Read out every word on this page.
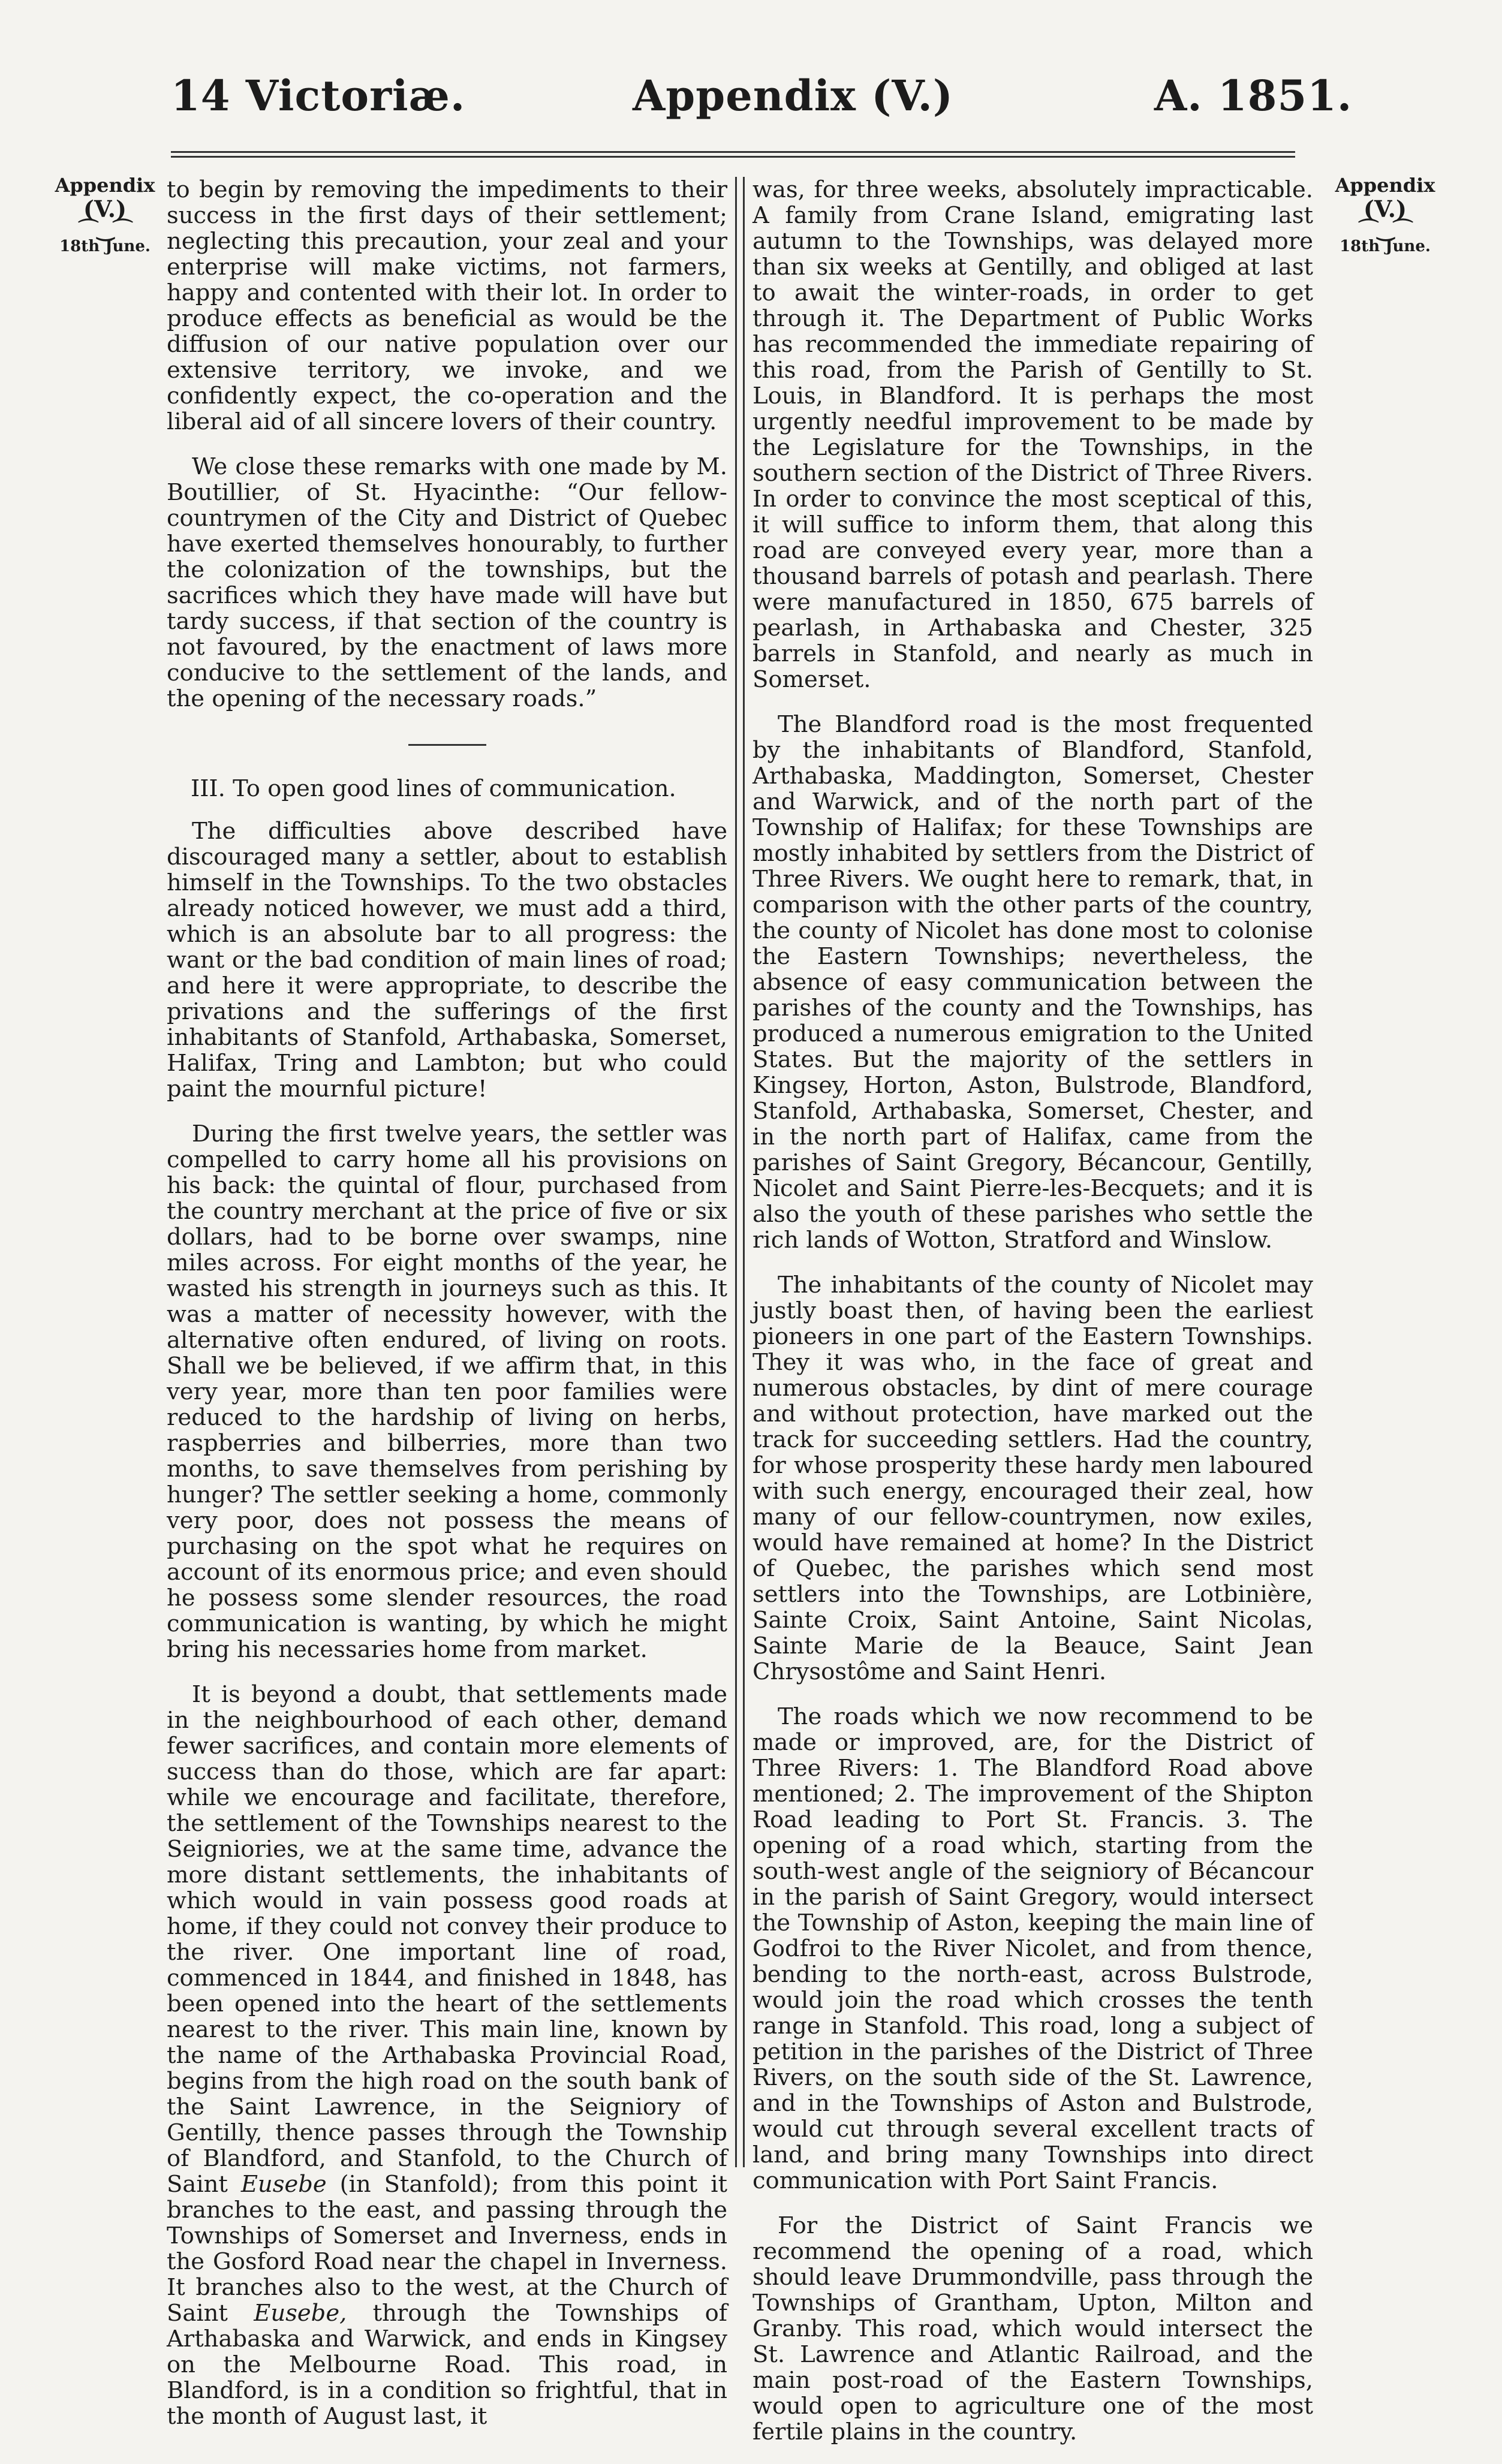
14 Victoriæ.	Appendix (V.)	A. 1851.
Appendix
(V.)
⌒‿⌒
18th June.
Appendix
(V.)
⌒‿⌒
18th June.

to begin by removing the impediments to their success in the first days of their settlement; neglecting this precaution, your zeal and your enterprise will make victims, not farmers, happy and contented with their lot. In order to produce effects as beneficial as would be the diffusion of our native population over our extensive territory, we invoke, and we confidently expect, the co-operation and the liberal aid of all sincere lovers of their country.

We close these remarks with one made by M. Boutillier, of St. Hyacinthe: “Our fellow-countrymen of the City and District of Quebec have exerted themselves honourably, to further the colonization of the townships, but the sacrifices which they have made will have but tardy success, if that section of the country is not favoured, by the enactment of laws more conducive to the settlement of the lands, and the opening of the necessary roads.”

III. To open good lines of communication.

The difficulties above described have discouraged many a settler, about to establish himself in the Townships. To the two obstacles already noticed however, we must add a third, which is an absolute bar to all progress: the want or the bad condition of main lines of road; and here it were appropriate, to describe the privations and the sufferings of the first inhabitants of Stanfold, Arthabaska, Somerset, Halifax, Tring and Lambton; but who could paint the mournful picture!

During the first twelve years, the settler was compelled to carry home all his provisions on his back: the quintal of flour, purchased from the country merchant at the price of five or six dollars, had to be borne over swamps, nine miles across. For eight months of the year, he wasted his strength in journeys such as this. It was a matter of necessity however, with the alternative often endured, of living on roots. Shall we be believed, if we affirm that, in this very year, more than ten poor families were reduced to the hardship of living on herbs, raspberries and bilberries, more than two months, to save themselves from perishing by hunger? The settler seeking a home, commonly very poor, does not possess the means of purchasing on the spot what he requires on account of its enormous price; and even should he possess some slender resources, the road communication is wanting, by which he might bring his necessaries home from market.

It is beyond a doubt, that settlements made in the neighbourhood of each other, demand fewer sacrifices, and contain more elements of success than do those, which are far apart: while we encourage and facilitate, therefore, the settlement of the Townships nearest to the Seigniories, we at the same time, advance the more distant settlements, the inhabitants of which would in vain possess good roads at home, if they could not convey their produce to the river. One important line of road, commenced in 1844, and finished in 1848, has been opened into the heart of the settlements nearest to the river. This main line, known by the name of the Arthabaska Provincial Road, begins from the high road on the south bank of the Saint Lawrence, in the Seigniory of Gentilly, thence passes through the Township of Blandford, and Stanfold, to the Church of Saint Eusebe (in Stanfold); from this point it branches to the east, and passing through the Townships of Somerset and Inverness, ends in the Gosford Road near the chapel in Inverness. It branches also to the west, at the Church of Saint Eusebe, through the Townships of Arthabaska and Warwick, and ends in Kingsey on the Melbourne Road. This road, in Blandford, is in a condition so frightful, that in the month of August last, it

was, for three weeks, absolutely impracticable. A family from Crane Island, emigrating last autumn to the Townships, was delayed more than six weeks at Gentilly, and obliged at last to await the winter-roads, in order to get through it. The Department of Public Works has recommended the immediate repairing of this road, from the Parish of Gentilly to St. Louis, in Blandford. It is perhaps the most urgently needful improvement to be made by the Legislature for the Townships, in the southern section of the District of Three Rivers. In order to convince the most sceptical of this, it will suffice to inform them, that along this road are conveyed every year, more than a thousand barrels of potash and pearlash. There were manufactured in 1850, 675 barrels of pearlash, in Arthabaska and Chester, 325 barrels in Stanfold, and nearly as much in Somerset.

The Blandford road is the most frequented by the inhabitants of Blandford, Stanfold, Arthabaska, Maddington, Somerset, Chester and Warwick, and of the north part of the Township of Halifax; for these Townships are mostly inhabited by settlers from the District of Three Rivers. We ought here to remark, that, in comparison with the other parts of the country, the county of Nicolet has done most to colonise the Eastern Townships; nevertheless, the absence of easy communication between the parishes of the county and the Townships, has produced a numerous emigration to the United States. But the majority of the settlers in Kingsey, Horton, Aston, Bulstrode, Blandford, Stanfold, Arthabaska, Somerset, Chester, and in the north part of Halifax, came from the parishes of Saint Gregory, Bécancour, Gentilly, Nicolet and Saint Pierre-les-Becquets; and it is also the youth of these parishes who settle the rich lands of Wotton, Stratford and Winslow.

The inhabitants of the county of Nicolet may justly boast then, of having been the earliest pioneers in one part of the Eastern Townships. They it was who, in the face of great and numerous obstacles, by dint of mere courage and without protection, have marked out the track for succeeding settlers. Had the country, for whose prosperity these hardy men laboured with such energy, encouraged their zeal, how many of our fellow-countrymen, now exiles, would have remained at home? In the District of Quebec, the parishes which send most settlers into the Townships, are Lotbinière, Sainte Croix, Saint Antoine, Saint Nicolas, Sainte Marie de la Beauce, Saint Jean Chrysostôme and Saint Henri.

The roads which we now recommend to be made or improved, are, for the District of Three Rivers: 1. The Blandford Road above mentioned; 2. The improvement of the Shipton Road leading to Port St. Francis. 3. The opening of a road which, starting from the south-west angle of the seigniory of Bécancour in the parish of Saint Gregory, would intersect the Township of Aston, keeping the main line of Godfroi to the River Nicolet, and from thence, bending to the north-east, across Bulstrode, would join the road which crosses the tenth range in Stanfold. This road, long a subject of petition in the parishes of the District of Three Rivers, on the south side of the St. Lawrence, and in the Townships of Aston and Bulstrode, would cut through several excellent tracts of land, and bring many Townships into direct communication with Port Saint Francis.

For the District of Saint Francis we recommend the opening of a road, which should leave Drummondville, pass through the Townships of Grantham, Upton, Milton and Granby. This road, which would intersect the St. Lawrence and Atlantic Railroad, and the main post-road of the Eastern Townships, would open to agriculture one of the most fertile plains in the country.
